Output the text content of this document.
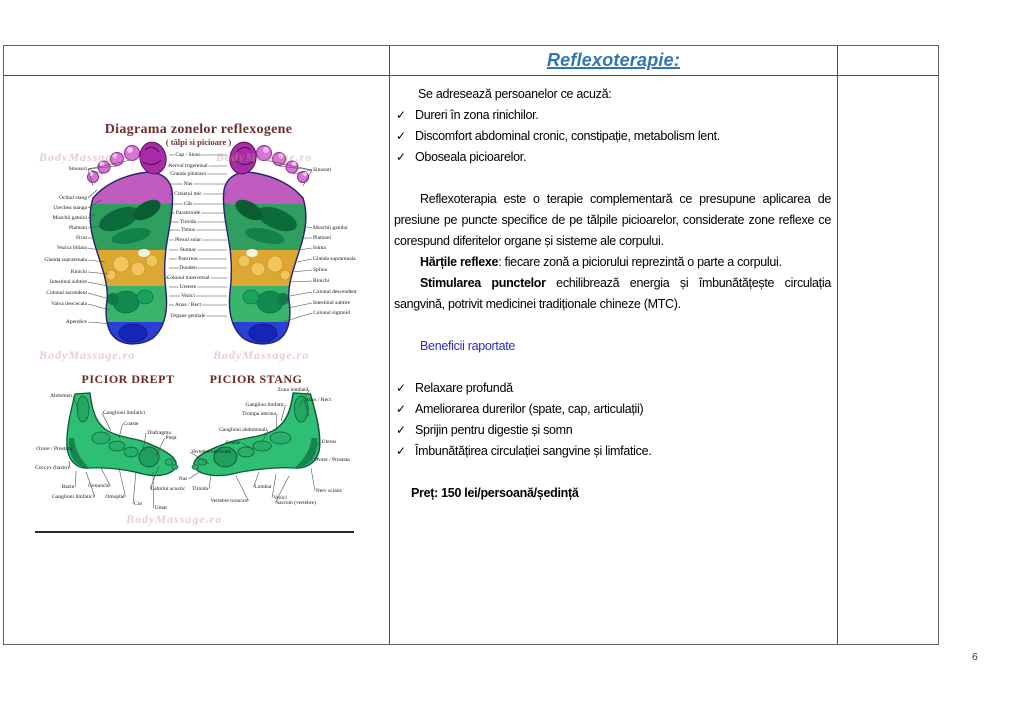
Reflexoterapie:
Diagrama zonelor reflexogene
( tălpi si picioare )
BodyMassage.ro	BodyMassage.ro
BodyMassage.ro	BodyMassage.ro
BodyMassage.ro
PICIOR DREPT	PICIOR STANG
Sinusuri
Ochiul stang
Urechea stanga
Muschii gatului
Plamani
Ficat
Vezica biliara
Glanda suprarenala
Rinichi
Intestinul subtire
Colonul ascendent
Valva ileocecala
Apendice
Cap / Sinus
Nervul trigeminal
Glanda pituitara
Nas
Creierul mic
Gât
Paratiroide
Tiroida
Timus
Plexul solar
Stomac
Pancreas
Duoden
Colonul transversal
Uretere
Vezici
Anus / Rect
Organe genitale
Sinusuri
Muschii gatului
Plamani
Inima
Glanda suprarenala
Splina
Rinichi
Colonul descendent
Intestinul subtire
Colonul sigmoid
Abdomen
Ganglioni limfatici
Coaste
Diafragma
Piept
Ovare / Prostata
Coccyx (bazin)
Bazin	Genunchi
Ganglioni limfatici Omoplat
Cot
Umar
Labirint acustic
Zona lombară
Ganglion limfatic
Anus / Rect
Trompa uterina
Ganglioni abdominali
Coaste
Vertebre cervicale
Uterus
Ovare / Prostata
Nas
Tiroida
Vertebre toracice
Lombar
Vezici
Sacrum (vertebre)
Nerv sciatic

Se adresează persoanelor ce acuză:

✓ Dureri în zona rinichilor.
✓ Discomfort abdominal cronic, constipație, metabolism lent.
✓ Oboseala picioarelor.

Reflexoterapia este o terapie complementară ce presupune aplicarea de presiune pe puncte specifice de pe tălpile picioarelor, considerate zone reflexe ce corespund diferitelor organe și sisteme ale corpului.

Hărțile reflexe: fiecare zonă a piciorului reprezintă o parte a corpului.

Stimularea punctelor echilibrează energia și îmbunătățește circulația sangvină, potrivit medicinei tradiționale chineze (MTC).

Beneficii raportate

✓ Relaxare profundă
✓ Ameliorarea durerilor (spate, cap, articulații)
✓ Sprijin pentru digestie și somn
✓ Îmbunătățirea circulației sangvine și limfatice.

Preț: 150 lei/persoană/ședință

6
